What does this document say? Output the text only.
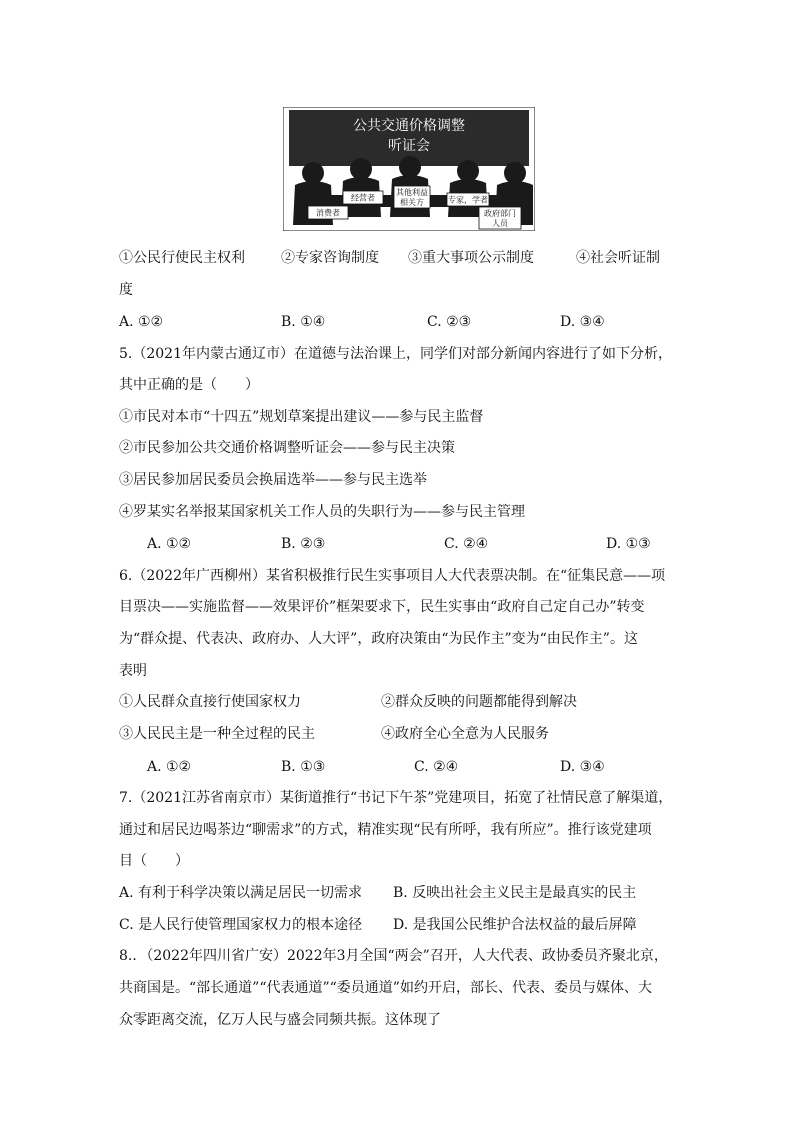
公共交通价格调整
听证会
经营者
其他利益
相关方	专家，学者
消费者	政府部门
人员
①公民行使民主权利	②专家咨询制度 ③重大事项公示制度	④社会听证制
度
A. ①②	B. ①④	C. ②③	D. ③④
5.（2021年内蒙古通辽市）在道德与法治课上，同学们对部分新闻内容进行了如下分析，
其中正确的是（　　）
①市民对本市“十四五”规划草案提出建议——参与民主监督
②市民参加公共交通价格调整听证会——参与民主决策
③居民参加居民委员会换届选举——参与民主选举
④罗某实名举报某国家机关工作人员的失职行为——参与民主管理
A. ①②	B. ②③	C. ②④	D. ①③
6.（2022年广西柳州）某省积极推行民生实事项目人大代表票决制。在“征集民意——项
目票决——实施监督——效果评价”框架要求下，民生实事由“政府自己定自己办”转变
为“群众提、代表决、政府办、人大评”，政府决策由“为民作主”变为“由民作主”。这
表明
①人民群众直接行使国家权力	②群众反映的问题都能得到解决
③人民民主是一种全过程的民主	④政府全心全意为人民服务
A. ①②	B. ①③	C. ②④	D. ③④
7.（2021江苏省南京市）某街道推行“书记下午茶”党建项目，拓宽了社情民意了解渠道，
通过和居民边喝茶边“聊需求”的方式，精准实现“民有所呼，我有所应”。推行该党建项
目（　　）
A. 有利于科学决策以满足居民一切需求 B. 反映出社会主义民主是最真实的民主
C. 是人民行使管理国家权力的根本途径 D. 是我国公民维护合法权益的最后屏障
8.．（2022年四川省广安）2022年3月全国“两会”召开，人大代表、政协委员齐聚北京，
共商国是。“部长通道”“代表通道”“委员通道”如约开启，部长、代表、委员与媒体、大
众零距离交流，亿万人民与盛会同频共振。这体现了
